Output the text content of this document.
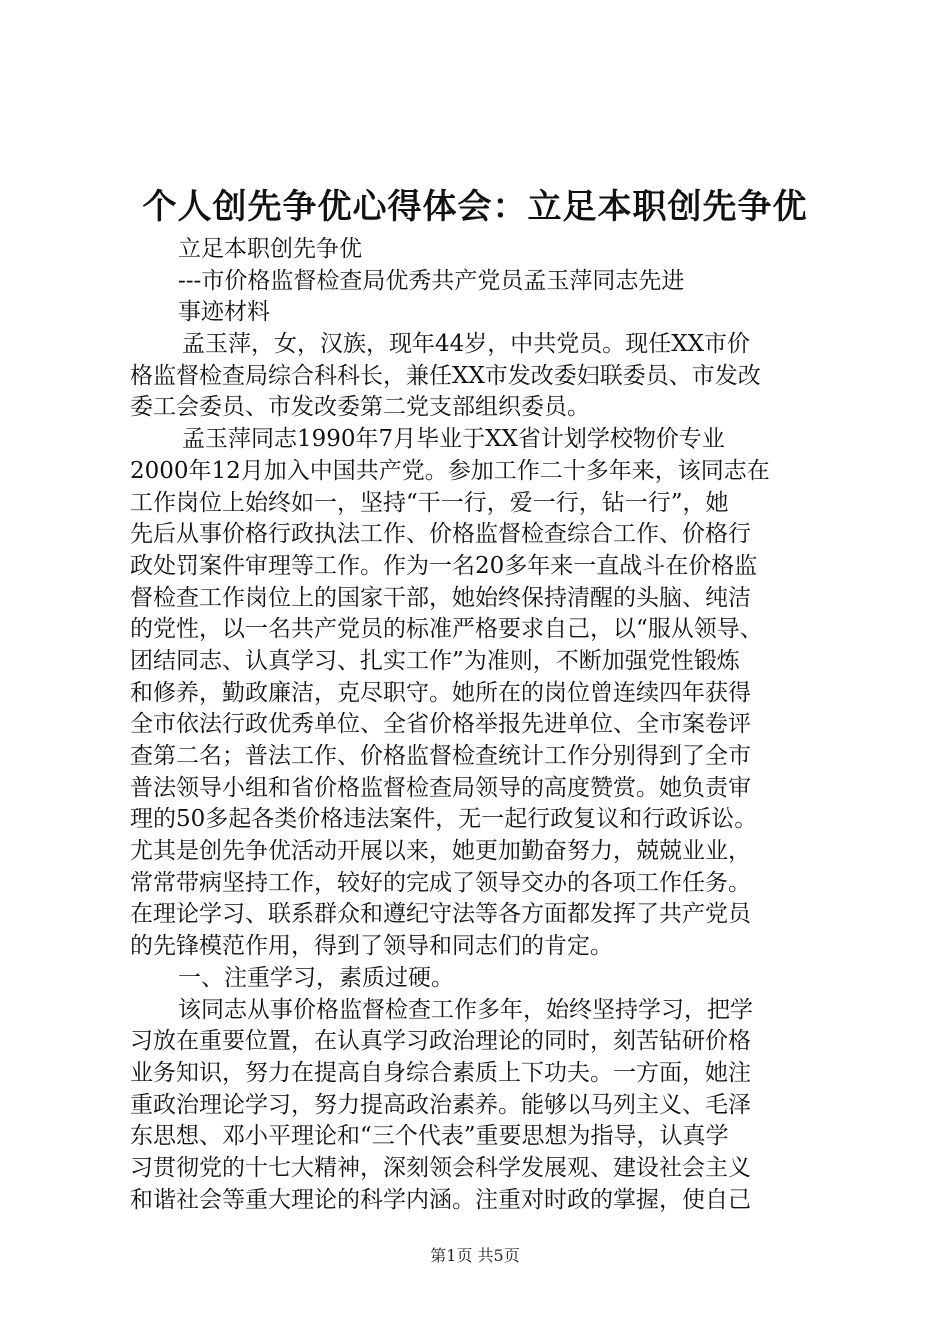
个人创先争优心得体会：立足本职创先争优
立足本职创先争优
---市价格监督检查局优秀共产党员孟玉萍同志先进
事迹材料
孟玉萍，女，汉族，现年44岁，中共党员。现任XX市价
格监督检查局综合科科长，兼任XX市发改委妇联委员、市发改
委工会委员、市发改委第二党支部组织委员。
孟玉萍同志1990年7月毕业于XX省计划学校物价专业
2000年12月加入中国共产党。参加工作二十多年来，该同志在
工作岗位上始终如一，坚持“干一行，爱一行，钻一行”，她
先后从事价格行政执法工作、价格监督检查综合工作、价格行
政处罚案件审理等工作。作为一名20多年来一直战斗在价格监
督检查工作岗位上的国家干部，她始终保持清醒的头脑、纯洁
的党性，以一名共产党员的标准严格要求自己，以“服从领导、
团结同志、认真学习、扎实工作”为准则，不断加强党性锻炼
和修养，勤政廉洁，克尽职守。她所在的岗位曾连续四年获得
全市依法行政优秀单位、全省价格举报先进单位、全市案卷评
查第二名；普法工作、价格监督检查统计工作分别得到了全市
普法领导小组和省价格监督检查局领导的高度赞赏。她负责审
理的50多起各类价格违法案件，无一起行政复议和行政诉讼。
尤其是创先争优活动开展以来，她更加勤奋努力，兢兢业业，
常常带病坚持工作，较好的完成了领导交办的各项工作任务。
在理论学习、联系群众和遵纪守法等各方面都发挥了共产党员
的先锋模范作用，得到了领导和同志们的肯定。
一、注重学习，素质过硬。
该同志从事价格监督检查工作多年，始终坚持学习，把学
习放在重要位置，在认真学习政治理论的同时，刻苦钻研价格
业务知识，努力在提高自身综合素质上下功夫。一方面，她注
重政治理论学习，努力提高政治素养。能够以马列主义、毛泽
东思想、邓小平理论和“三个代表”重要思想为指导，认真学
习贯彻党的十七大精神，深刻领会科学发展观、建设社会主义
和谐社会等重大理论的科学内涵。注重对时政的掌握，使自己
第1页 共5页
